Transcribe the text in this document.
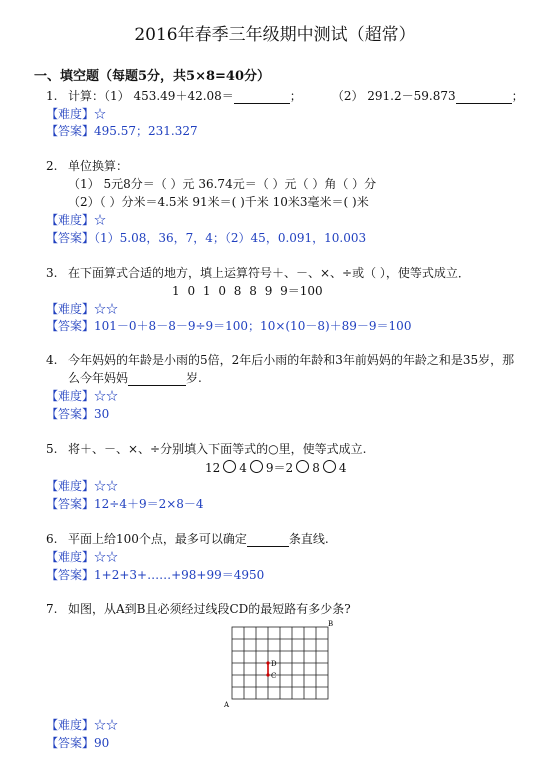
2016年春季三年级期中测试（超常）
一、填空题（每题5分，共5×8=40分）
1. 计算：（1） 453.49＋42.08＝	；	（2） 291.2－59.873	；
【难度】☆
【答案】495.57；231.327
2. 单位换算：
（1） 5元8分＝（ ）元 36.74元＝（ ）元（ ）角（ ）分
（2）（ ）分米＝4.5米 91米＝( )千米 10米3毫米＝( )米
【难度】☆
【答案】（1）5.08，36，7，4；（2）45，0.091，10.003
3. 在下面算式合适的地方，填上运算符号＋、－、×、÷或（ ），使等式成立．
1 0 1 0 8 8 9 9＝100
【难度】☆☆
【答案】101－0＋8－8－9÷9＝100；10×(10－8)＋89－9＝100
4. 今年妈妈的年龄是小雨的5倍，2年后小雨的年龄和3年前妈妈的年龄之和是35岁，那
么今年妈妈	岁.
【难度】☆☆
【答案】30
5. 将＋、－、×、÷分别填入下面等式的○里，使等式成立.
12 4 9＝2 8 4
【难度】☆☆
【答案】12÷4＋9＝2×8－4
6. 平面上给100个点，最多可以确定	条直线.
【难度】☆☆
【答案】1+2+3+……+98+99＝4950
7. 如图，从A到B且必须经过线段CD的最短路有多少条?
D
C
A
B
【难度】☆☆
【答案】90
